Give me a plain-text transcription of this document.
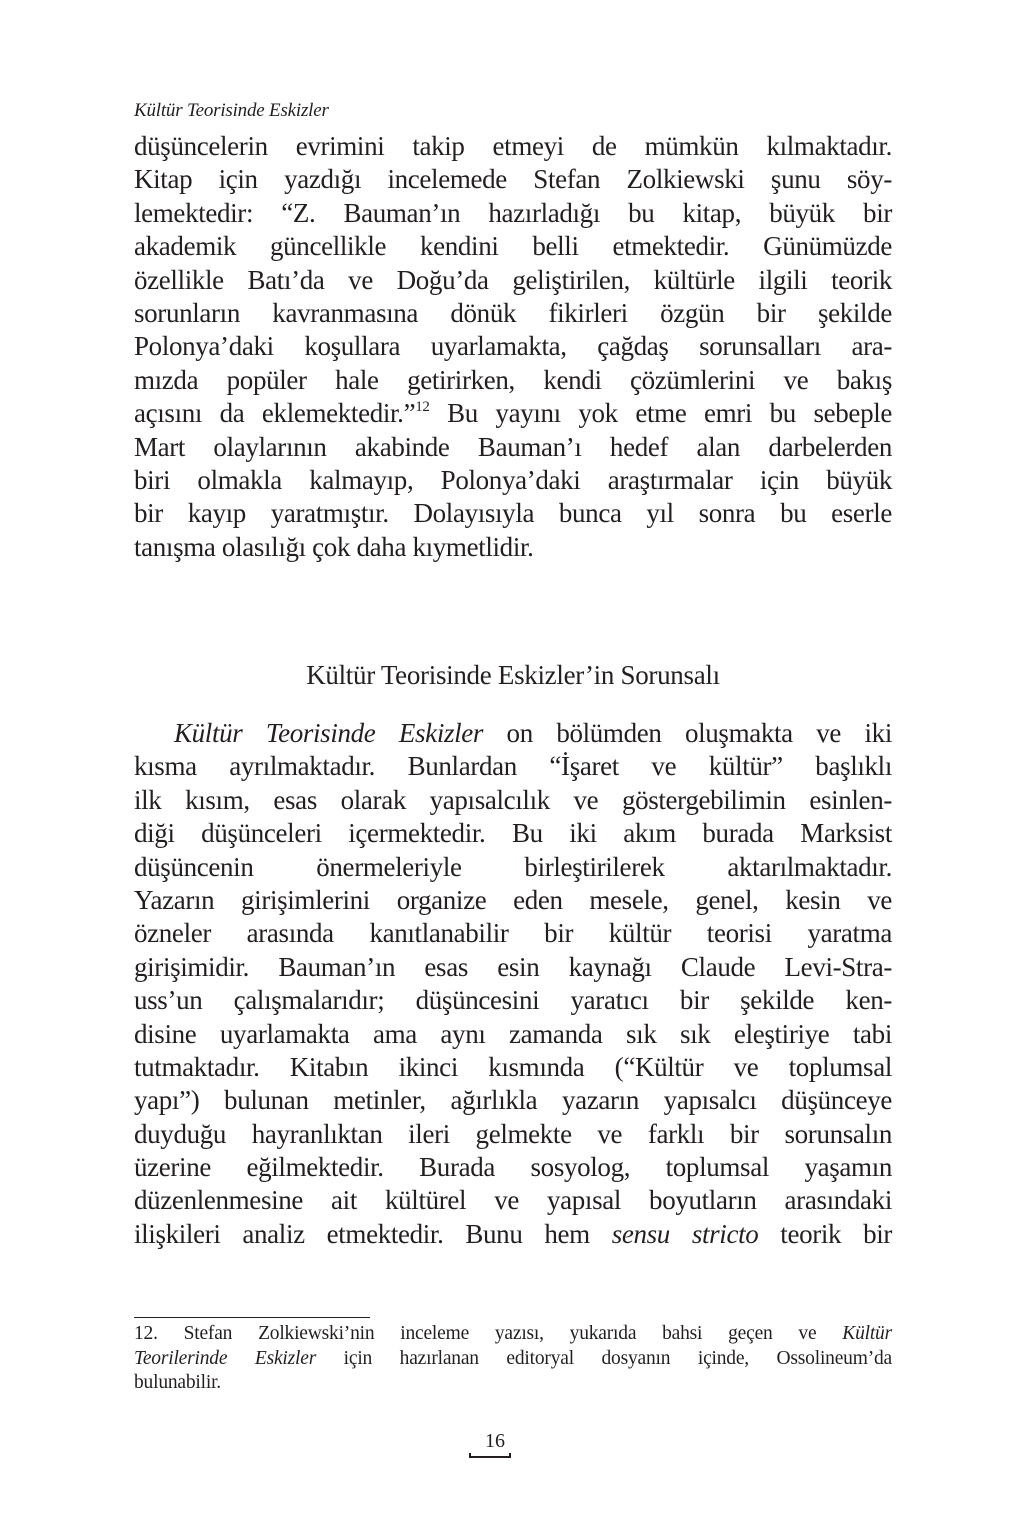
Kültür Teorisinde Eskizler
düşüncelerin evrimini takip etmeyi de mümkün kılmaktadır.
Kitap için yazdığı incelemede Stefan Zolkiewski şunu söy-
lemektedir: “Z. Bauman’ın hazırladığı bu kitap, büyük bir
akademik güncellikle kendini belli etmektedir. Günümüzde
özellikle Batı’da ve Doğu’da geliştirilen, kültürle ilgili teorik
sorunların kavranmasına dönük fikirleri özgün bir şekilde
Polonya’daki koşullara uyarlamakta, çağdaş sorunsalları ara-
mızda popüler hale getirirken, kendi çözümlerini ve bakış
açısını da eklemektedir.”$^{12}$ Bu yayını yok etme emri bu sebeple
Mart olaylarının akabinde Bauman’ı hedef alan darbelerden
biri olmakla kalmayıp, Polonya’daki araştırmalar için büyük
bir kayıp yaratmıştır. Dolayısıyla bunca yıl sonra bu eserle
tanışma olasılığı çok daha kıymetlidir.
Kültür Teorisinde Eskizler’in Sorunsalı
Kültür Teorisinde Eskizler on bölümden oluşmakta ve iki
kısma ayrılmaktadır. Bunlardan “İşaret ve kültür” başlıklı
ilk kısım, esas olarak yapısalcılık ve göstergebilimin esinlen-
diği düşünceleri içermektedir. Bu iki akım burada Marksist
düşüncenin önermeleriyle birleştirilerek aktarılmaktadır.
Yazarın girişimlerini organize eden mesele, genel, kesin ve
özneler arasında kanıtlanabilir bir kültür teorisi yaratma
girişimidir. Bauman’ın esas esin kaynağı Claude Levi-Stra-
uss’un çalışmalarıdır; düşüncesini yaratıcı bir şekilde ken-
disine uyarlamakta ama aynı zamanda sık sık eleştiriye tabi
tutmaktadır. Kitabın ikinci kısmında (“Kültür ve toplumsal
yapı”) bulunan metinler, ağırlıkla yazarın yapısalcı düşünceye
duyduğu hayranlıktan ileri gelmekte ve farklı bir sorunsalın
üzerine eğilmektedir. Burada sosyolog, toplumsal yaşamın
düzenlenmesine ait kültürel ve yapısal boyutların arasındaki
ilişkileri analiz etmektedir. Bunu hem sensu stricto teorik bir
12. Stefan Zolkiewski’nin inceleme yazısı, yukarıda bahsi geçen ve Kültür
Teorilerinde Eskizler için hazırlanan editoryal dosyanın içinde, Ossolineum’da
bulunabilir.
16
